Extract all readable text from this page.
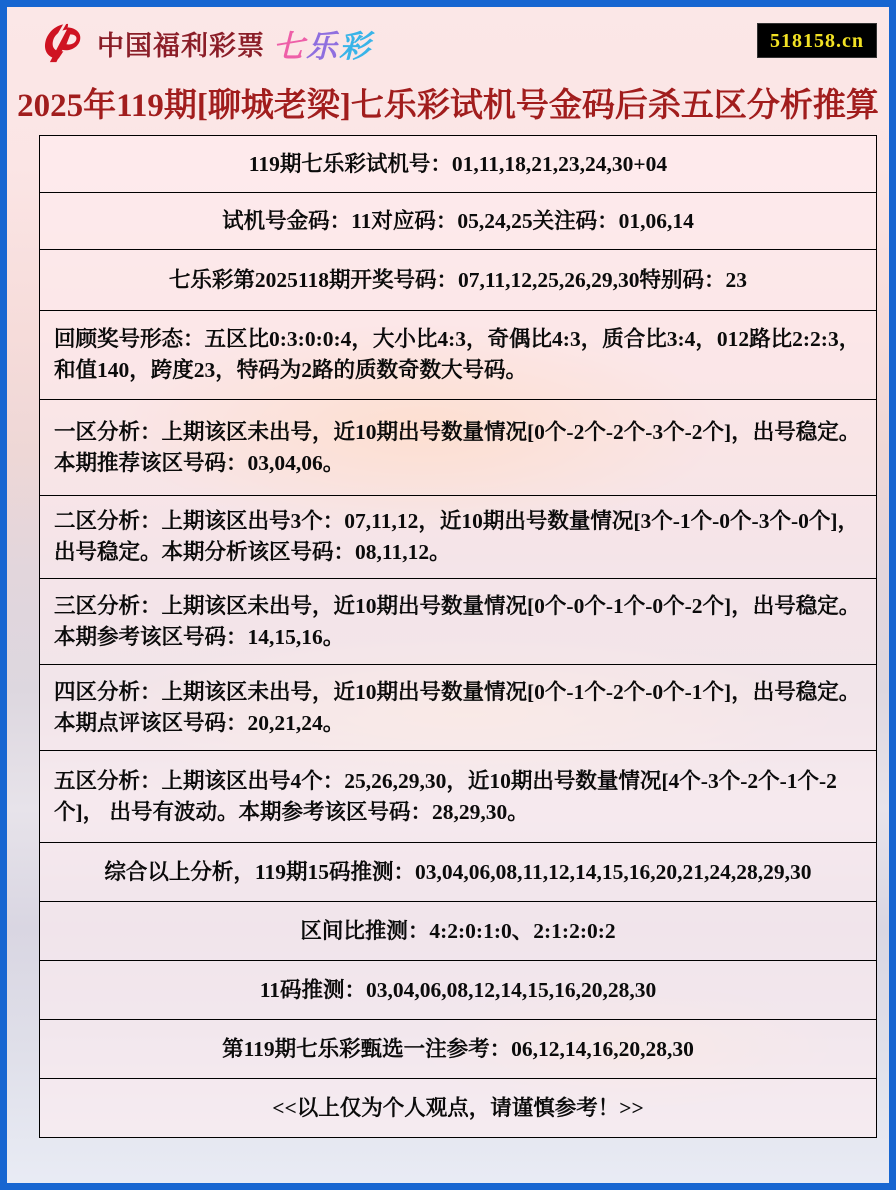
中国福利彩票 七乐彩	518158.cn
2025年119期[聊城老梁]七乐彩试机号金码后杀五区分析推算
119期七乐彩试机号：01,11,18,21,23,24,30+04
试机号金码：11对应码：05,24,25关注码：01,06,14
七乐彩第2025118期开奖号码：07,11,12,25,26,29,30特别码：23
回顾奖号形态：五区比0:3:0:0:4，大小比4:3，奇偶比4:3，质合比3:4，012路比2:2:3，和值140，跨度23，特码为2路的质数奇数大号码。
一区分析：上期该区未出号，近10期出号数量情况[0个-2个-2个-3个-2个]，出号稳定。本期推荐该区号码：03,04,06。
二区分析：上期该区出号3个：07,11,12，近10期出号数量情况[3个-1个-0个-3个-0个]，出号稳定。本期分析该区号码：08,11,12。
三区分析：上期该区未出号，近10期出号数量情况[0个-0个-1个-0个-2个]，出号稳定。本期参考该区号码：14,15,16。
四区分析：上期该区未出号，近10期出号数量情况[0个-1个-2个-0个-1个]，出号稳定。本期点评该区号码：20,21,24。
五区分析：上期该区出号4个：25,26,29,30，近10期出号数量情况[4个-3个-2个-1个-2个]， 出号有波动。本期参考该区号码：28,29,30。
综合以上分析，119期15码推测：03,04,06,08,11,12,14,15,16,20,21,24,28,29,30
区间比推测：4:2:0:1:0、2:1:2:0:2
11码推测：03,04,06,08,12,14,15,16,20,28,30
第119期七乐彩甄选一注参考：06,12,14,16,20,28,30
<<以上仅为个人观点，请谨慎参考！>>
